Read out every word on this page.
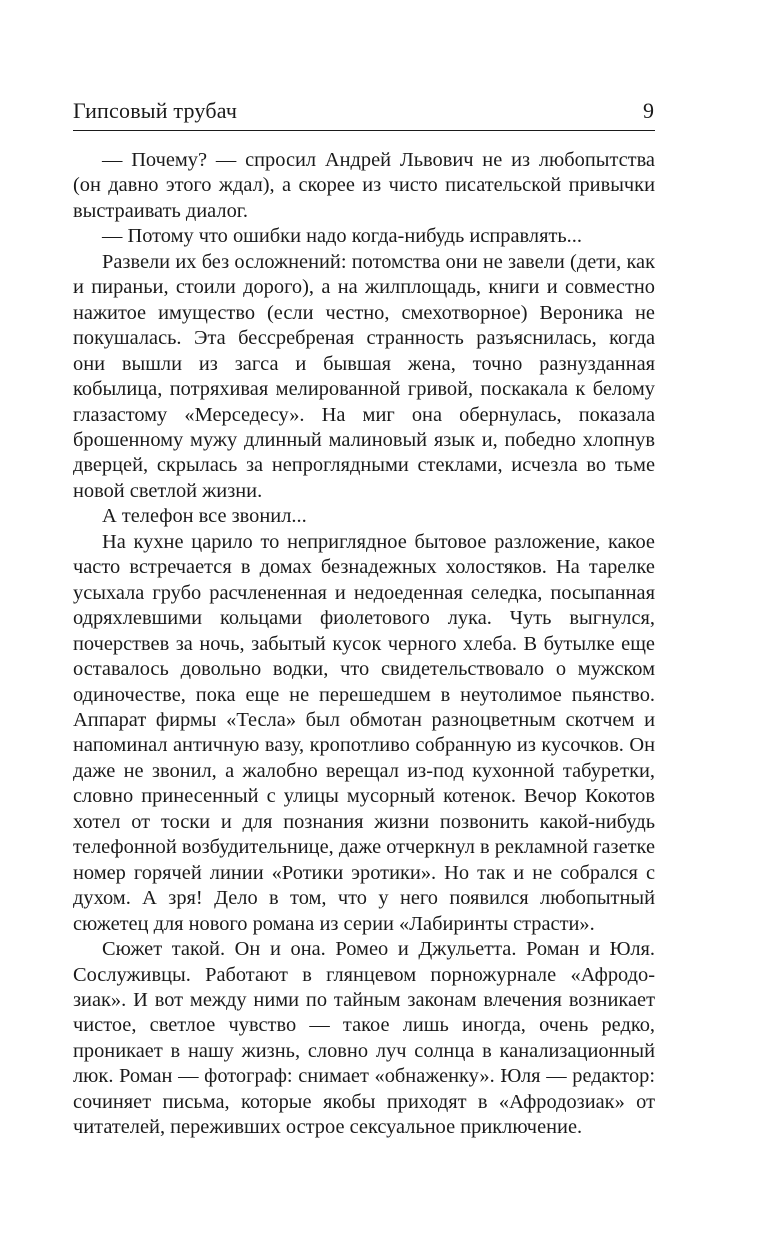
Гипсовый трубач	9

— Почему? — спросил Андрей Львович не из любопытства (он давно этого ждал), а скорее из чисто писательской привычки выстраивать диалог.

— Потому что ошибки надо когда-нибудь исправлять...

Развели их без осложнений: потомства они не завели (дети, как и пираньи, стоили дорого), а на жилплощадь, книги и совместно нажитое имущество (если честно, смехотворное) Вероника не покушалась. Эта бессребреная странность разъяснилась, когда они вышли из загса и бывшая жена, точно разнузданная кобылица, потряхивая мелированной гривой, поскакала к белому глазастому «Мерседесу». На миг она обернулась, показала брошенному мужу длинный малиновый язык и, победно хлопнув дверцей, скрылась за непроглядными стеклами, исчезла во тьме новой светлой жизни.

А телефон все звонил...

На кухне царило то неприглядное бытовое разложение, какое часто встречается в домах безнадежных холостяков. На тарелке усыхала грубо расчлененная и недоеденная селедка, посыпанная одряхлевшими кольцами фиолетового лука. Чуть выгнулся, почерствев за ночь, забытый кусок черного хлеба. В бутылке еще оставалось довольно водки, что свидетельствовало о мужском одиночестве, пока еще не перешедшем в неутолимое пьянство. Аппарат фирмы «Тесла» был обмотан разноцветным скотчем и напоминал античную вазу, кропотливо собранную из кусочков. Он даже не звонил, а жалобно верещал из-под кухонной табуретки, словно принесенный с улицы мусорный котенок. Вечор Кокотов хотел от тоски и для познания жизни позвонить какой-нибудь телефонной возбудительнице, даже отчеркнул в рекламной газетке номер горячей линии «Ротики эротики». Но так и не собрался с духом. А зря! Дело в том, что у него появился любопытный сюжетец для нового романа из серии «Лабиринты страсти».

Сюжет такой. Он и она. Ромео и Джульетта. Роман и Юля. Сослуживцы. Работают в глянцевом порножурнале «Афродозиак». И вот между ними по тайным законам влечения возникает чистое, светлое чувство — такое лишь иногда, очень редко, проникает в нашу жизнь, словно луч солнца в канализационный люк. Роман — фотограф: снимает «обнаженку». Юля — редактор: сочиняет письма, которые якобы приходят в «Афродозиак» от читателей, переживших острое сексуальное приключение.
